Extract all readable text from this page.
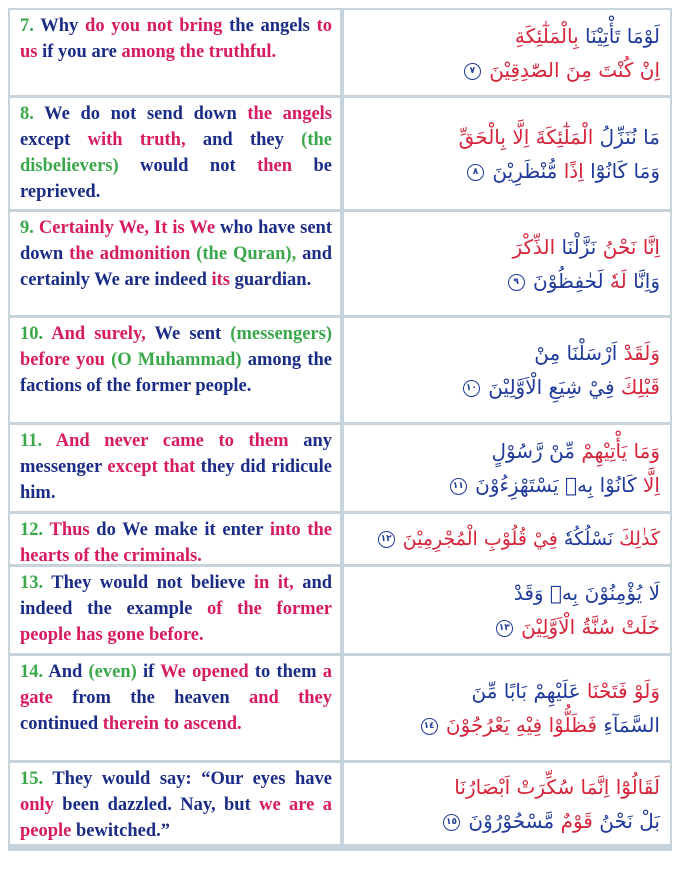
7. Why do you not bring the angels to us if you are among the truthful.

لَوْمَا تَأْتِيْنَا بِالْمَلٰٓئِكَةِ

اِنْ كُنْتَ مِنَ الصّٰدِقِيْنَ ٧

8. We do not send down the angels except with truth, and they (the disbelievers) would not then be reprieved.

مَا نُنَزِّلُ الْمَلٰٓئِكَةَ اِلَّا بِالْحَقِّ

وَمَا كَانُوْٓا اِذًا مُّنْظَرِيْنَ ٨

9. Certainly We, It is We who have sent down the admonition (the Quran), and certainly We are indeed its guardian.

اِنَّا نَحْنُ نَزَّلْنَا الذِّكْرَ

وَاِنَّا لَهٗ لَحٰفِظُوْنَ ٩

10. And surely, We sent (messengers) before you (O Muhammad) among the factions of the former people.

وَلَقَدْ اَرْسَلْنَا مِنْ

قَبْلِكَ فِيْ شِيَعِ الْاَوَّلِيْنَ ١٠

11. And never came to them any messenger except that they did ridicule him.

وَمَا يَأْتِيْهِمْ مِّنْ رَّسُوْلٍ

اِلَّا كَانُوْا بِهٖ يَسْتَهْزِءُوْنَ ١١

12. Thus do We make it enter into the hearts of the criminals.

كَذٰلِكَ نَسْلُكُهٗ فِيْ قُلُوْبِ الْمُجْرِمِيْنَ ١٢

13. They would not believe in it, and indeed the example of the former people has gone before.

لَا يُؤْمِنُوْنَ بِهٖ وَقَدْ

خَلَتْ سُنَّةُ الْاَوَّلِيْنَ ١٣

14. And (even) if We opened to them a gate from the heaven and they continued therein to ascend.

وَلَوْ فَتَحْنَا عَلَيْهِمْ بَابًا مِّنَ

السَّمَآءِ فَظَلُّوْا فِيْهِ يَعْرُجُوْنَ ١٤

15. They would say: “Our eyes have only been dazzled. Nay, but we are a people bewitched.”

لَقَالُوْٓا اِنَّمَا سُكِّرَتْ اَبْصَارُنَا

بَلْ نَحْنُ قَوْمٌ مَّسْحُوْرُوْنَ ١٥
